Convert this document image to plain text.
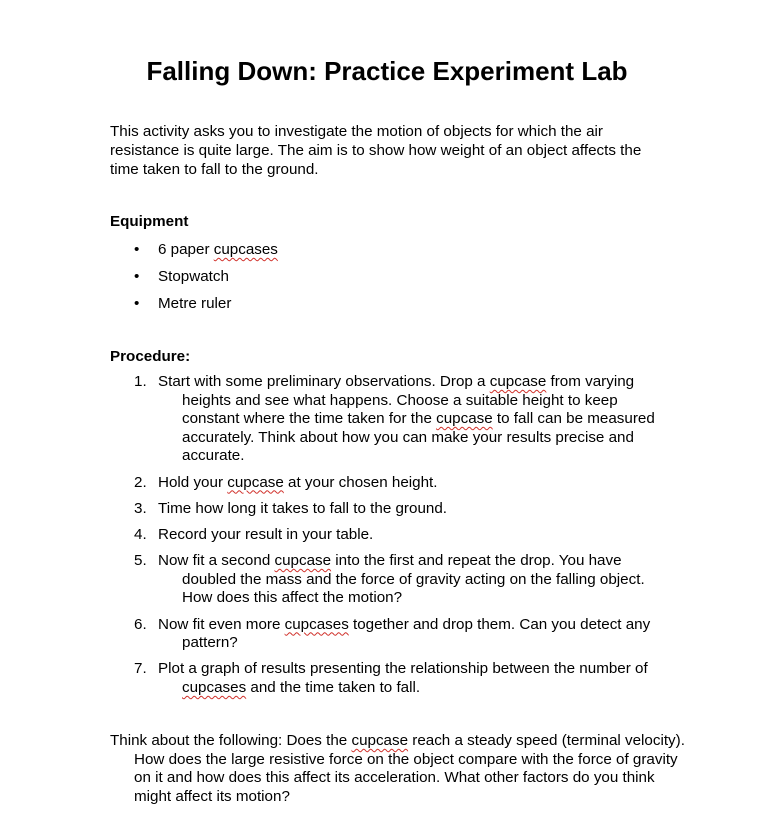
Falling Down: Practice Experiment Lab
This activity asks you to investigate the motion of objects for which the air resistance is quite large. The aim is to show how weight of an object affects the time taken to fall to the ground.
Equipment
•	6 paper cupcases
•	Stopwatch
•	Metre ruler
Procedure:
1. Start with some preliminary observations. Drop a cupcase from varying heights and see what happens. Choose a suitable height to keep constant where the time taken for the cupcase to fall can be measured accurately. Think about how you can make your results precise and accurate.
2. Hold your cupcase at your chosen height.
3. Time how long it takes to fall to the ground.
4. Record your result in your table.
5. Now fit a second cupcase into the first and repeat the drop. You have doubled the mass and the force of gravity acting on the falling object. How does this affect the motion?
6. Now fit even more cupcases together and drop them. Can you detect any pattern?
7. Plot a graph of results presenting the relationship between the number of cupcases and the time taken to fall.
Think about the following: Does the cupcase reach a steady speed (terminal velocity). How does the large resistive force on the object compare with the force of gravity on it and how does this affect its acceleration. What other factors do you think might affect its motion?
